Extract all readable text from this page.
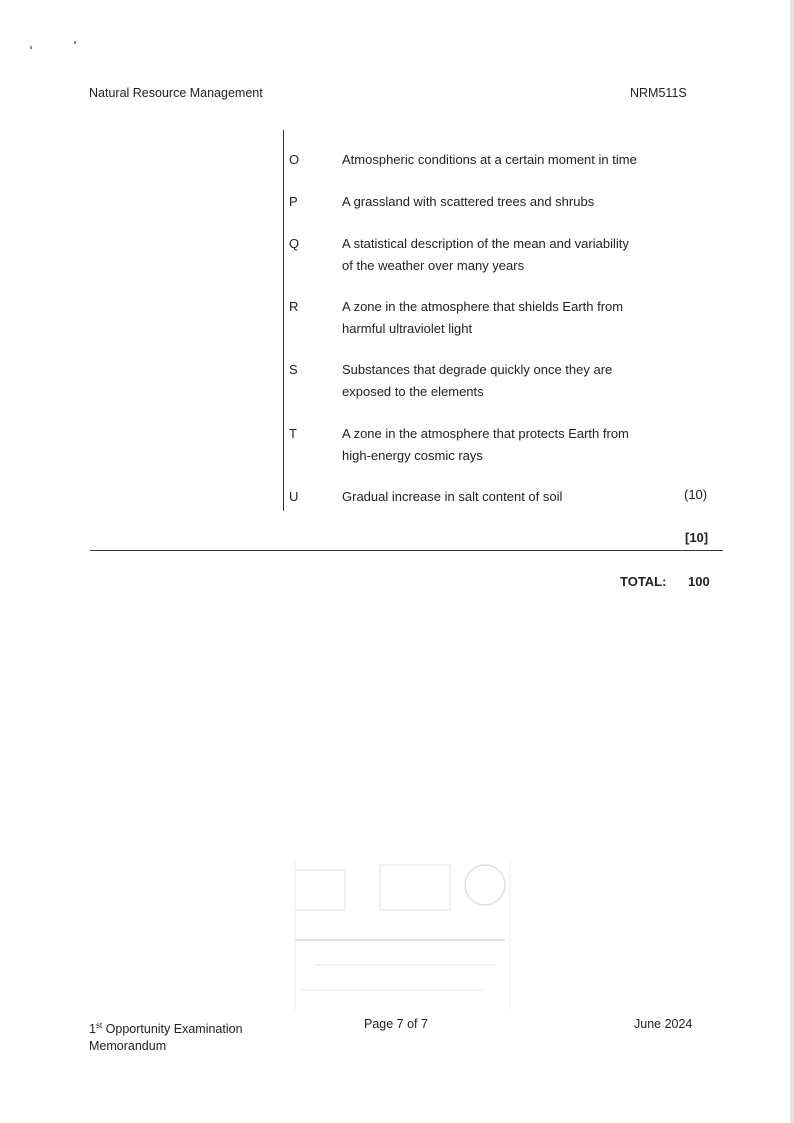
Natural Resource Management	NRM511S
O	Atmospheric conditions at a certain moment in time
P	A grassland with scattered trees and shrubs
Q	A statistical description of the mean and variability
of the weather over many years
R	A zone in the atmosphere that shields Earth from
harmful ultraviolet light
S	Substances that degrade quickly once they are
exposed to the elements
T	A zone in the atmosphere that protects Earth from
high-energy cosmic rays
U	Gradual increase in salt content of soil	(10)
[10]
TOTAL: 100
1st Opportunity Examination
Memorandum
Page 7 of 7	June 2024
